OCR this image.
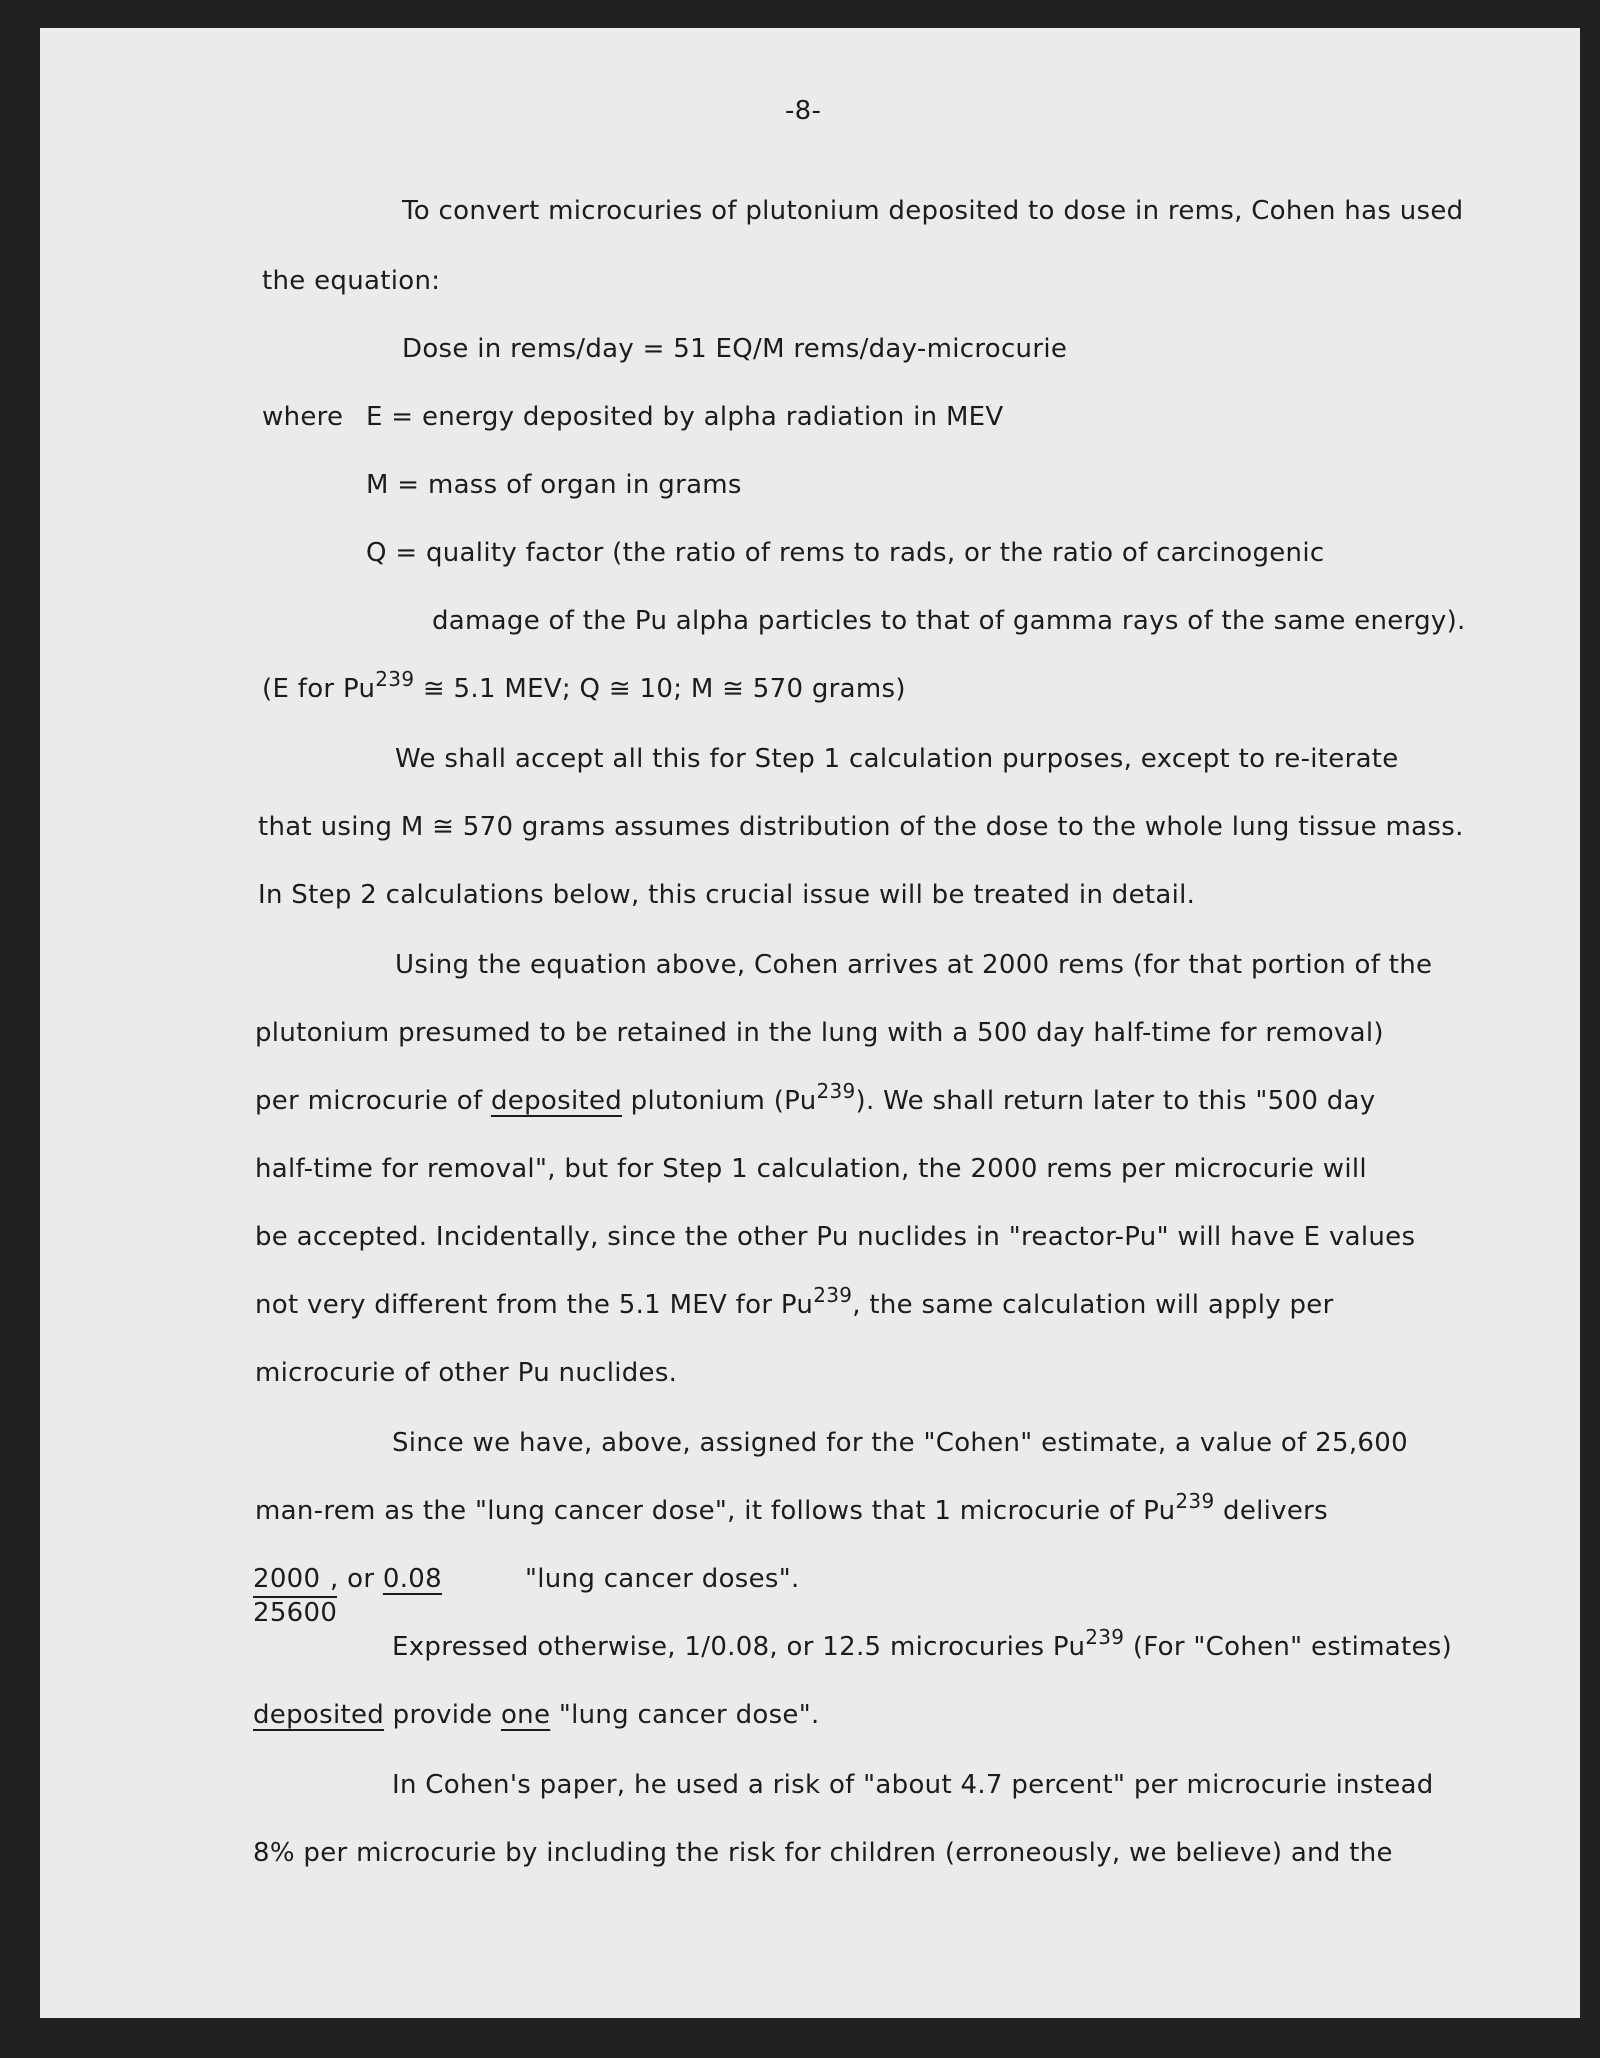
-8-
To convert microcuries of plutonium deposited to dose in rems, Cohen has used
the equation:
Dose in rems/day = 51 EQ/M rems/day-microcurie
where E = energy deposited by alpha radiation in MEV
M = mass of organ in grams
Q = quality factor (the ratio of rems to rads, or the ratio of carcinogenic
damage of the Pu alpha particles to that of gamma rays of the same energy).
(E for Pu$^{239}$ ≅ 5.1 MEV; Q ≅ 10; M ≅ 570 grams)
We shall accept all this for Step 1 calculation purposes, except to re-iterate
that using M ≅ 570 grams assumes distribution of the dose to the whole lung tissue mass.
In Step 2 calculations below, this crucial issue will be treated in detail.
Using the equation above, Cohen arrives at 2000 rems (for that portion of the
plutonium presumed to be retained in the lung with a 500 day half-time for removal)
per microcurie of deposited plutonium (Pu$^{239}$). We shall return later to this "500 day
half-time for removal", but for Step 1 calculation, the 2000 rems per microcurie will
be accepted. Incidentally, since the other Pu nuclides in "reactor-Pu" will have E values
not very different from the 5.1 MEV for Pu$^{239}$, the same calculation will apply per
microcurie of other Pu nuclides.
Since we have, above, assigned for the "Cohen" estimate, a value of 25,600
man-rem as the "lung cancer dose", it follows that 1 microcurie of Pu$^{239}$ delivers
$\frac{2000}{25600}$
, or 0.08	"lung cancer doses".
Expressed otherwise, 1/0.08, or 12.5 microcuries Pu$^{239}$ (For "Cohen" estimates)
deposited provide one "lung cancer dose".
In Cohen's paper, he used a risk of "about 4.7 percent" per microcurie instead
8% per microcurie by including the risk for children (erroneously, we believe) and the
